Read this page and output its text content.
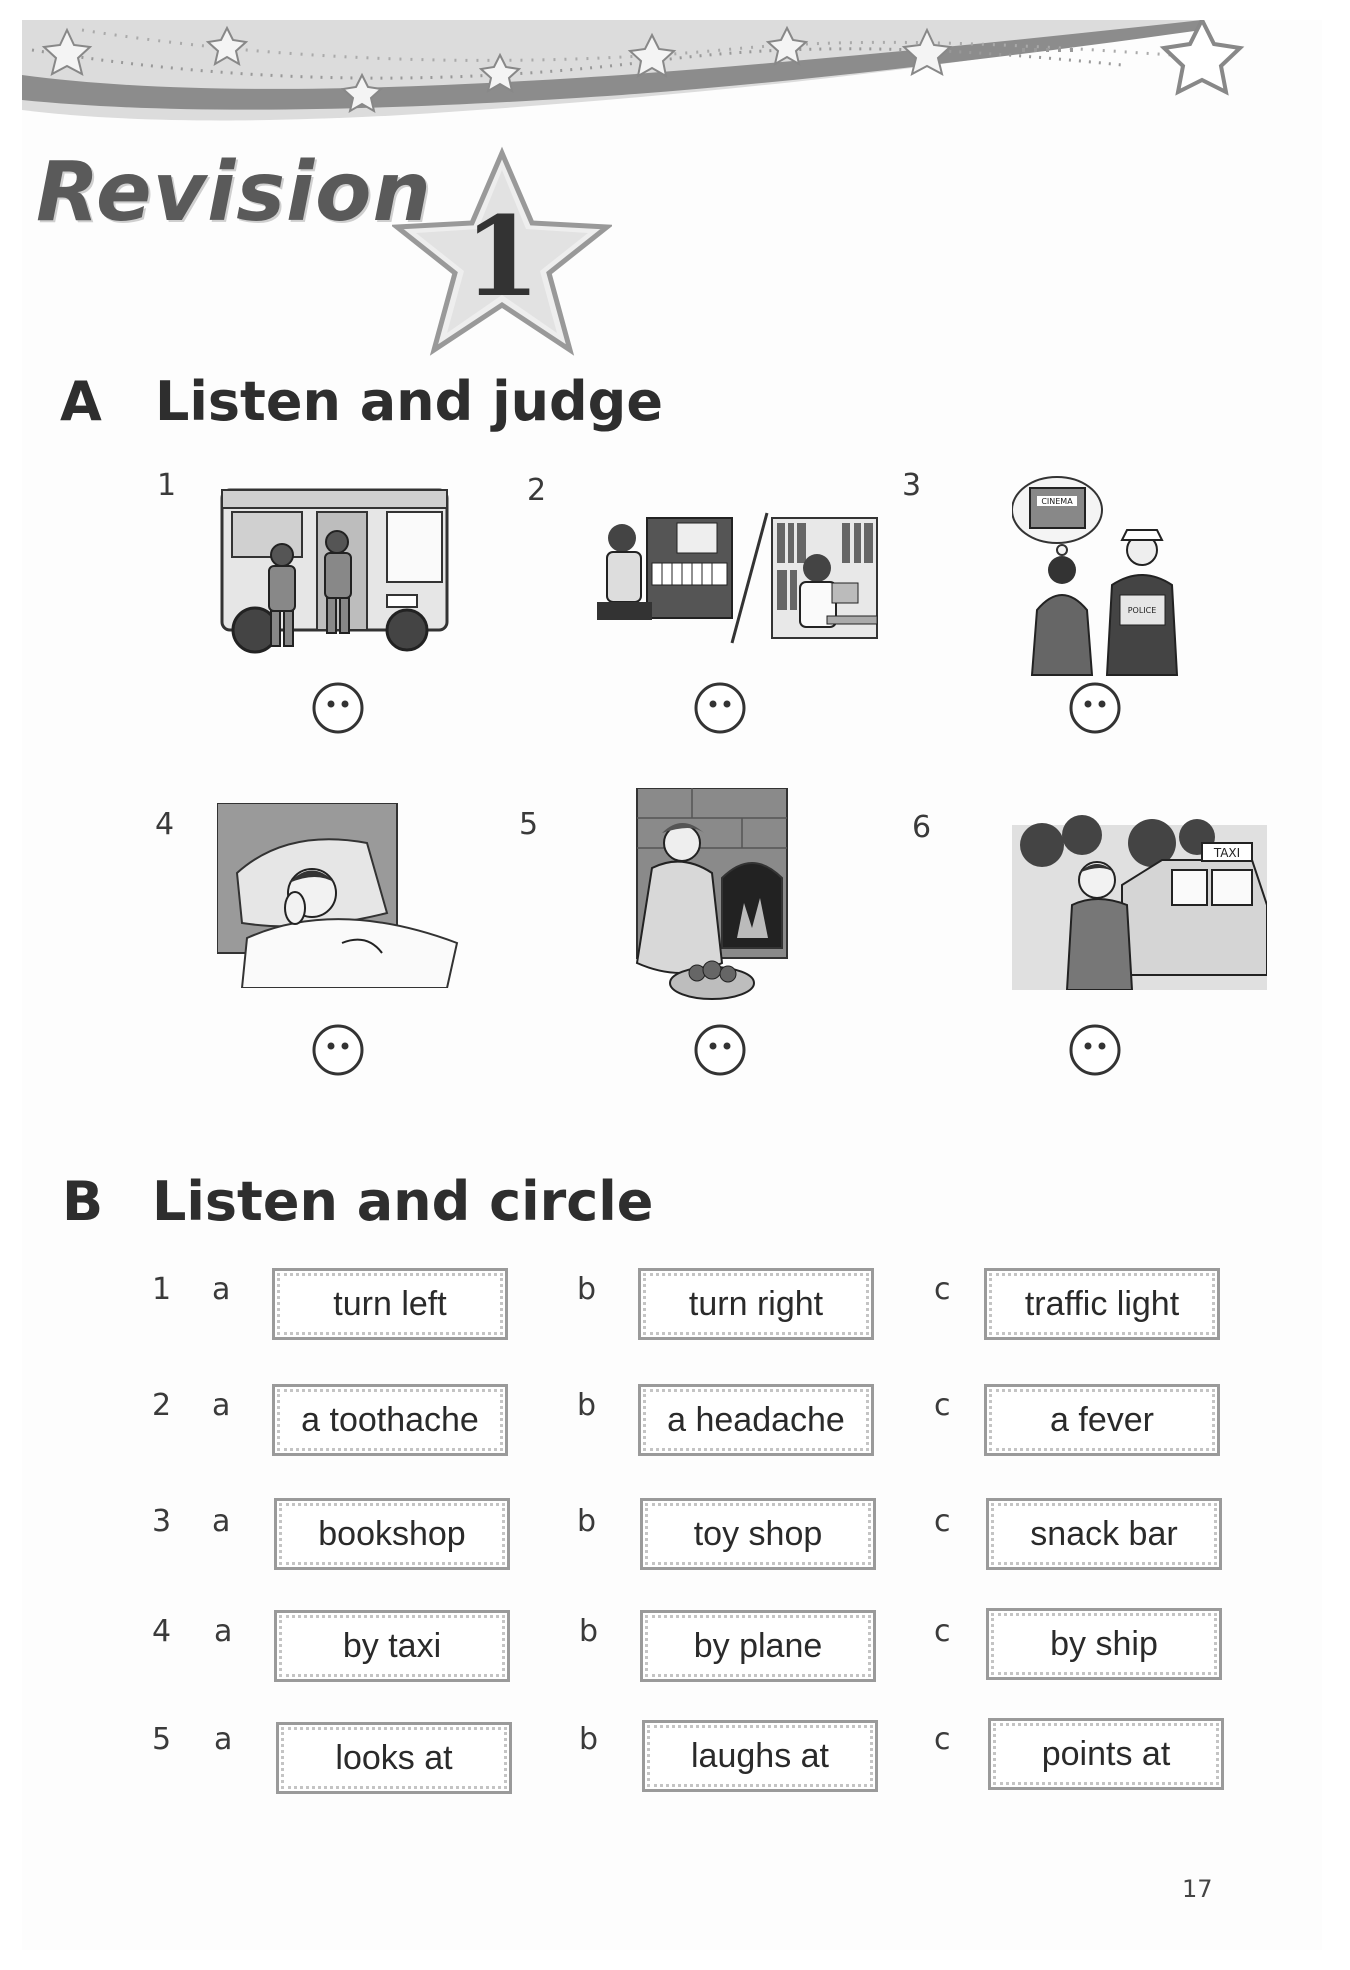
Revision 1
A Listen and judge
1	2	3
4	5	6
CINEMA
POLICE
TAXI
B Listen and circle
1 a	turn left	b	turn right	c	traffic light
2 a	a toothache	b	a headache	c	a fever
3 a	bookshop	b	toy shop	c	snack bar
4 a	by taxi	b	by plane	c	by ship
5 a	looks at	b	laughs at	c	points at
17
